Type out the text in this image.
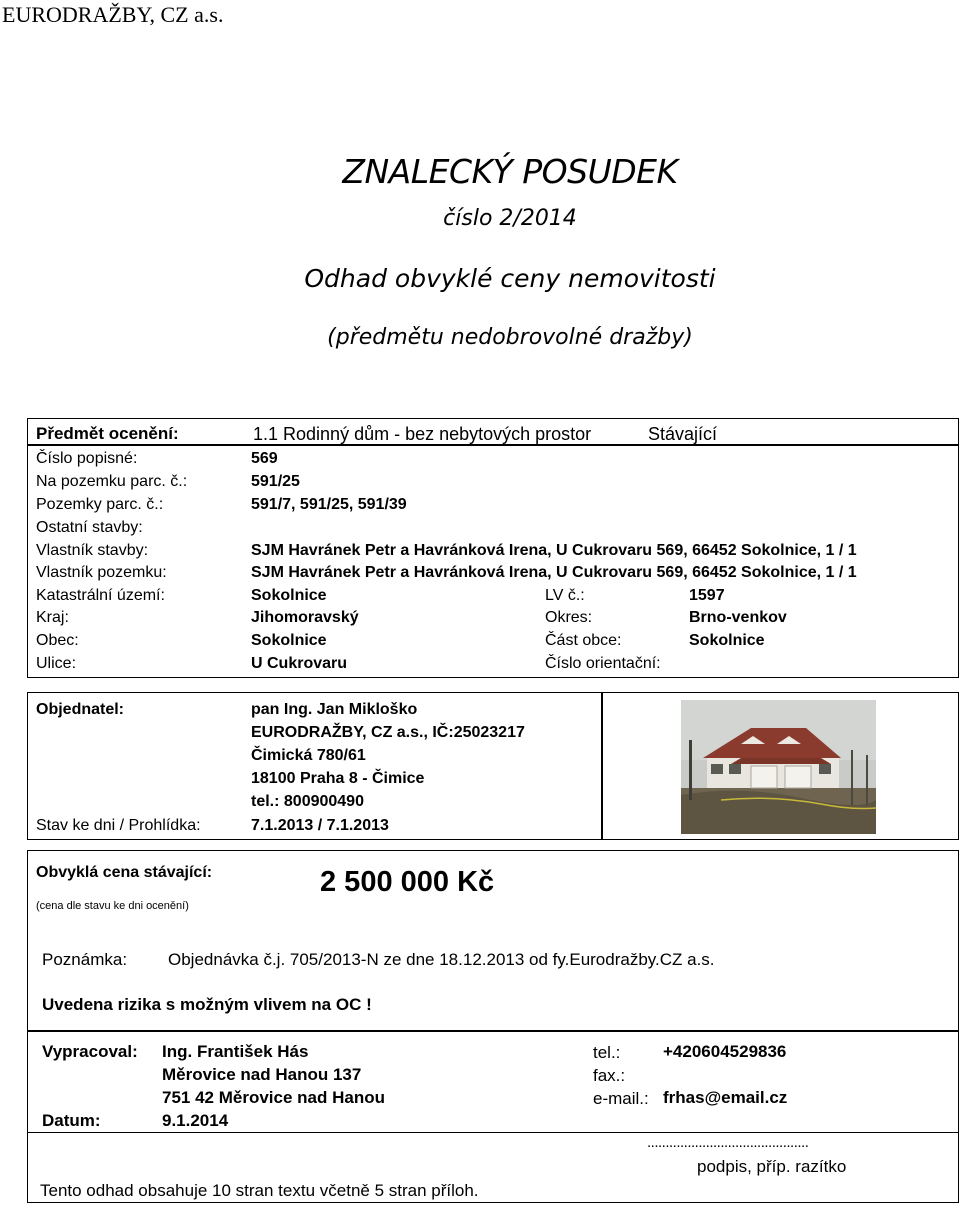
EURODRAŽBY, CZ a.s.
ZNALECKÝ POSUDEK
číslo 2/2014
Odhad obvyklé ceny nemovitosti
(předmětu nedobrovolné dražby)
Předmět ocenění:	1.1 Rodinný dům - bez nebytových prostor	Stávající
Číslo popisné:	569
Na pozemku parc. č.:	591/25
Pozemky parc. č.:	591/7, 591/25, 591/39
Ostatní stavby:
Vlastník stavby:	SJM Havránek Petr a Havránková Irena, U Cukrovaru 569, 66452 Sokolnice, 1 / 1
Vlastník pozemku:	SJM Havránek Petr a Havránková Irena, U Cukrovaru 569, 66452 Sokolnice, 1 / 1
Katastrální území:	Sokolnice	LV č.:	1597
Kraj:	Jihomoravský	Okres:	Brno-venkov
Obec:	Sokolnice	Část obce:	Sokolnice
Ulice:	U Cukrovaru	Číslo orientační:
Objednatel:	pan Ing. Jan Mikloško
EURODRAŽBY, CZ a.s., IČ:25023217
Čimická 780/61
18100 Praha 8 - Čimice
tel.: 800900490
Stav ke dni / Prohlídka:	7.1.2013 / 7.1.2013
Obvyklá cena stávající:
(cena dle stavu ke dni ocenění)
2 500 000 Kč
Poznámka: Objednávka č.j. 705/2013-N ze dne 18.12.2013 od fy.Eurodražby.CZ a.s.
Uvedena rizika s možným vlivem na OC !
Vypracoval: Ing. František Hás
Měrovice nad Hanou 137
751 42 Měrovice nad Hanou
tel.:	+420604529836
fax.:
e-mail.: frhas@email.cz
Datum:	9.1.2014
............................................
podpis, příp. razítko
Tento odhad obsahuje 10 stran textu včetně 5 stran příloh.
